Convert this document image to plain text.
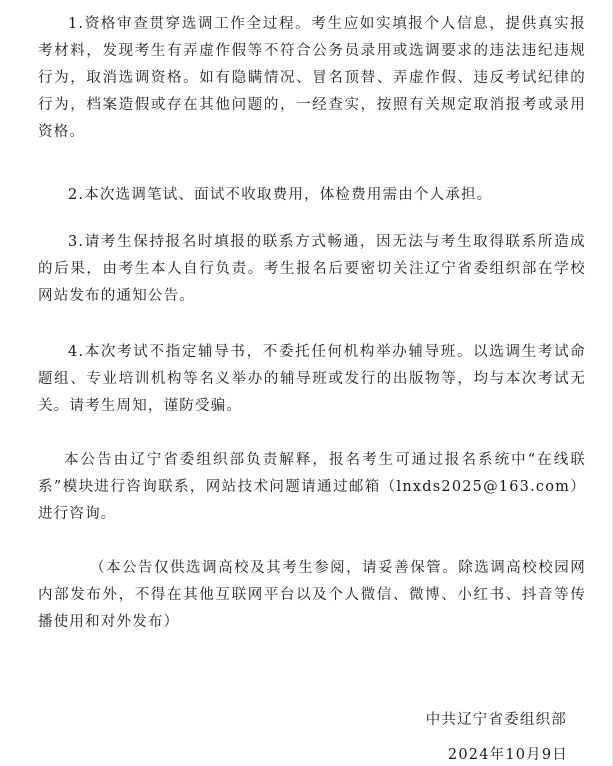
1.资格审查贯穿选调工作全过程。考生应如实填报个人信息，提供真实报考材料，发现考生有弄虚作假等不符合公务员录用或选调要求的违法违纪违规行为，取消选调资格。如有隐瞒情况、冒名顶替、弄虚作假、违反考试纪律的行为，档案造假或存在其他问题的，一经查实，按照有关规定取消报考或录用资格。

2.本次选调笔试、面试不收取费用，体检费用需由个人承担。

3.请考生保持报名时填报的联系方式畅通，因无法与考生取得联系所造成的后果，由考生本人自行负责。考生报名后要密切关注辽宁省委组织部在学校网站发布的通知公告。

4.本次考试不指定辅导书，不委托任何机构举办辅导班。以选调生考试命题组、专业培训机构等名义举办的辅导班或发行的出版物等，均与本次考试无关。请考生周知，谨防受骗。

本公告由辽宁省委组织部负责解释，报名考生可通过报名系统中“在线联系”模块进行咨询联系，网站技术问题请通过邮箱（lnxds2025@163.com）进行咨询。

（本公告仅供选调高校及其考生参阅，请妥善保管。除选调高校校园网内部发布外，不得在其他互联网平台以及个人微信、微博、小红书、抖音等传播使用和对外发布）

中共辽宁省委组织部
2024年10月9日
